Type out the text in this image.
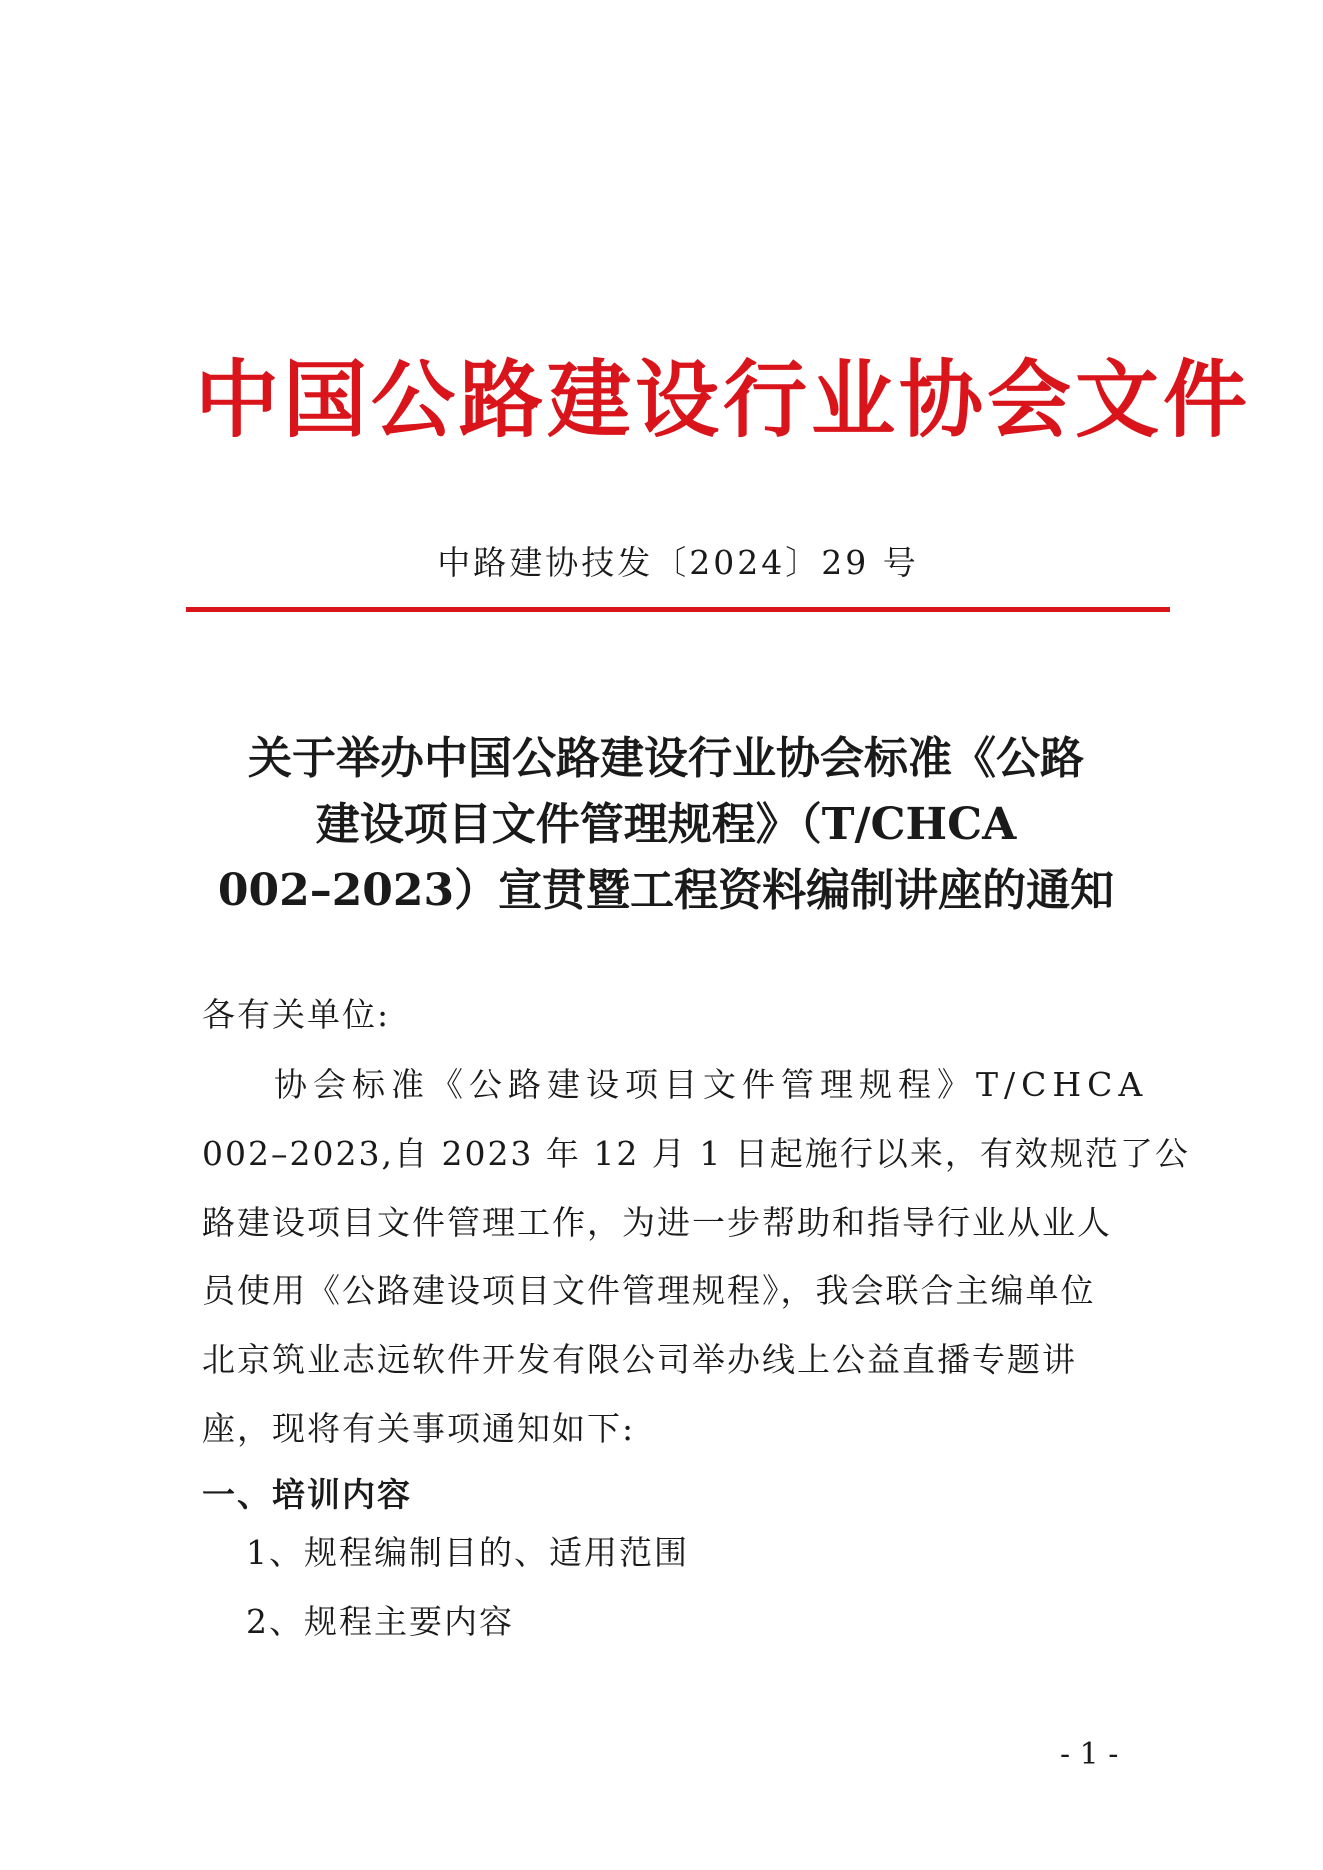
中国公路建设行业协会文件
中路建协技发〔2024〕29 号
关于举办中国公路建设行业协会标准《公路
建设项目文件管理规程》（T/CHCA
002–2023）宣贯暨工程资料编制讲座的通知
各有关单位:
协会标准《公路建设项目文件管理规程》T/CHCA
002–2023,自 2023 年 12 月 1 日起施行以来，有效规范了公
路建设项目文件管理工作，为进一步帮助和指导行业从业人
员使用《公路建设项目文件管理规程》，我会联合主编单位
北京筑业志远软件开发有限公司举办线上公益直播专题讲
座，现将有关事项通知如下:
一、培训内容
1、规程编制目的、适用范围
2、规程主要内容
- 1 -
